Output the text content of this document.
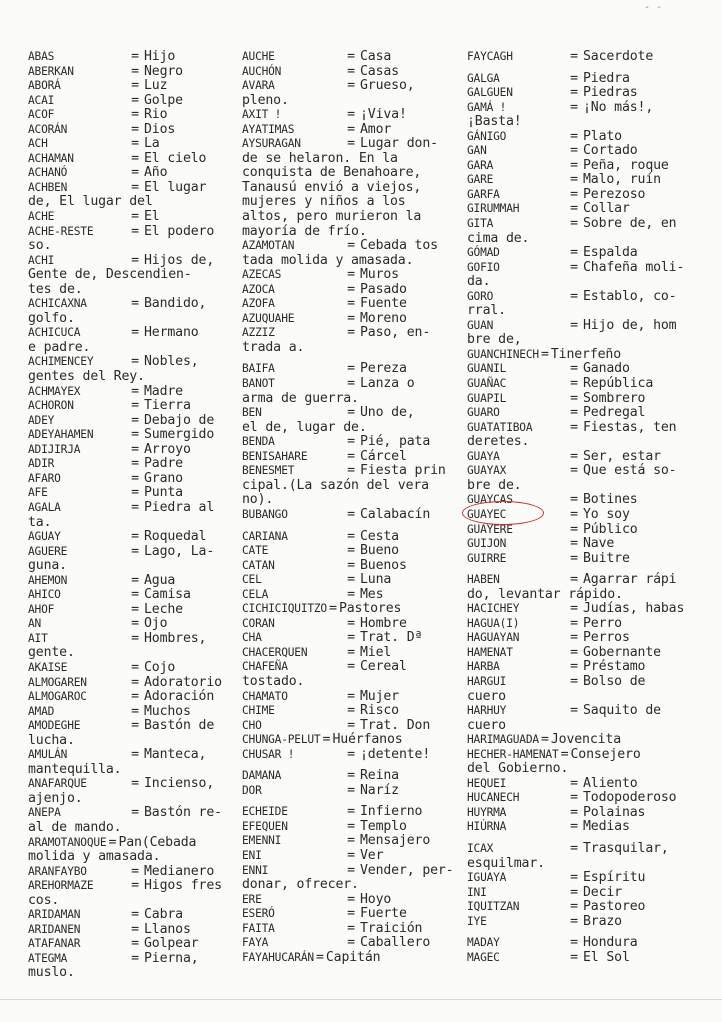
- -
ABAS	= Hijo
ABERKAN	= Negro
ABORÁ	= Luz
ACAI	= Golpe
ACOF	= Rio
ACORÁN	= Dios
ACH	= La
ACHAMAN	= El cielo
ACHANÓ	= Año
ACHBEN	= El lugar
de, El lugar del
ACHE	= El
ACHE-RESTE	= El podero
so.
ACHI	= Hijos de,
Gente de, Descendien-
tes de.
ACHICAXNA	= Bandido,
golfo.
ACHICUCA	= Hermano
e padre.
ACHIMENCEY	= Nobles,
gentes del Rey.
ACHMAYEX	= Madre
ACHORON	= Tierra
ADEY	= Debajo de
ADEYAHAMEN	= Sumergido
ADIJIRJA	= Arroyo
ADIR	= Padre
AFARO	= Grano
AFE	= Punta
AGALA	= Piedra al
ta.
AGUAY	= Roquedal
AGUERE	= Lago, La-
guna.
AHEMON	= Agua
AHICO	= Camisa
AHOF	= Leche
AN	= Ojo
AIT	= Hombres,
gente.
AKAISE	= Cojo
ALMOGAREN	= Adoratorio
ALMOGAROC	= Adoración
AMAD	= Muchos
AMODEGHE	= Bastón de
lucha.
AMULÁN	= Manteca,
mantequilla.
ANAFARQUE	= Incienso,
ajenjo.
ANEPA	= Bastón re-
al de mando.
ARAMOTANOQUE = Pan(Cebada
molida y amasada.
ARANFAYBO	= Medianero
AREHORMAZE	= Higos fres
cos.
ARIDAMAN	= Cabra
ARIDANEN	= Llanos
ATAFANAR	= Golpear
ATEGMA	= Pierna,
muslo.
AUCHE	= Casa
AUCHÓN	= Casas
AVARA	= Grueso,
pleno.
AXIT !	= ¡Viva!
AYATIMAS	= Amor
AYSURAGAN	= Lugar don-
de se helaron. En la
conquista de Benahoare,
Tanausú envió a viejos,
mujeres y niños a los
altos, pero murieron la
mayoría de frío.
AZAMOTAN	= Cebada tos
tada molida y amasada.
AZECAS	= Muros
AZOCA	= Pasado
AZOFA	= Fuente
AZUQUAHE	= Moreno
AZZIZ	= Paso, en-
trada a.
BAIFA	= Pereza
BANOT	= Lanza o
arma de guerra.
BEN	= Uno de,
el de, lugar de.
BENDA	= Pié, pata
BENISAHARE	= Cárcel
BENESMET	= Fiesta prin
cipal.(La sazón del vera
no).
BUBANGO	= Calabacín
CARIANA	= Cesta
CATE	= Bueno
CATAN	= Buenos
CEL	= Luna
CELA	= Mes
CICHICIQUITZO = Pastores
CORAN	= Hombre
CHA	= Trat. Dª
CHACERQUEN	= Miel
CHAFEÑA	= Cereal
tostado.
CHAMATO	= Mujer
CHIME	= Risco
CHO	= Trat. Don
CHUNGA-PELUT = Huérfanos
CHUSAR !	= ¡detente!
DAMANA	= Reina
DOR	= Naríz
ECHEIDE	= Infierno
EFEQUEN	= Templo
EMENNI	= Mensajero
ENI	= Ver
ENNI	= Vender, per-
donar, ofrecer.
ERE	= Hoyo
ESERÓ	= Fuerte
FAITA	= Traición
FAYA	= Caballero
FAYAHUCARÁN = Capitán
FAYCAGH	= Sacerdote
GALGA	= Piedra
GALGUEN	= Piedras
GAMÁ !	= ¡No más!,
¡Basta!
GÁNIGO	= Plato
GAN	= Cortado
GARA	= Peña, roque
GARE	= Malo, ruín
GARFA	= Perezoso
GIRUMMAH	= Collar
GITA	= Sobre de, en
cima de.
GÓMAD	= Espalda
GOFIO	= Chafeña moli-
da.
GORO	= Establo, co-
rral.
GUAN	= Hijo de, hom
bre de,
GUANCHINECH = Tinerfeño
GUANIL	= Ganado
GUAÑAC	= República
GUAPIL	= Sombrero
GUARO	= Pedregal
GUATATIBOA	= Fiestas, ten
deretes.
GUAYA	= Ser, estar
GUAYAX	= Que está so-
bre de.
GUAYCAS	= Botines
GUAYEC	= Yo soy
GUAYERE	= Público
GUIJON	= Nave
GUIRRE	= Buitre
HABEN	= Agarrar rápi
do, levantar rápido.
HACICHEY	= Judías, habas
HAGUA(I)	= Perro
HAGUAYAN	= Perros
HAMENAT	= Gobernante
HARBA	= Préstamo
HARGUI	= Bolso de
cuero
HARHUY	= Saquito de
cuero
HARIMAGUADA = Jovencita
HECHER-HAMENAT = Consejero
del Gobierno.
HEQUEI	= Aliento
HUCANECH	= Todopoderoso
HUYRMA	= Polainas
HIÚRNA	= Medias
ICAX	= Trasquilar,
esquilmar.
IGUAYA	= Espíritu
INI	= Decir
IQUITZAN	= Pastoreo
IYE	= Brazo
MADAY	= Hondura
MAGEC	= El Sol
